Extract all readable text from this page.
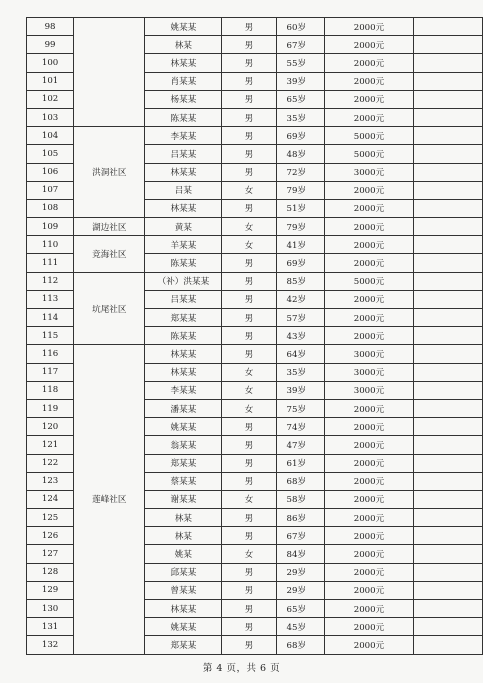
98		姚某某	男	60岁	2000元	
99		林某	男	67岁	2000元	
100		林某某	男	55岁	2000元	
101		肖某某	男	39岁	2000元	
102		杨某某	男	65岁	2000元	
103		陈某某	男	35岁	2000元	
104	洪洞社区	李某某	男	69岁	5000元	
105		吕某某	男	48岁	5000元	
106		林某某	男	72岁	3000元	
107		吕某	女	79岁	2000元	
108		林某某	男	51岁	2000元	
109	湖边社区	黄某	女	79岁	2000元	
110	竞海社区	羊某某	女	41岁	2000元	
111		陈某某	男	69岁	2000元	
112	坑尾社区	（补）洪某某	男	85岁	5000元	
113		吕某某	男	42岁	2000元	
114		郑某某	男	57岁	2000元	
115		陈某某	男	43岁	2000元	
116	莲峰社区	林某某	男	64岁	3000元	
117		林某某	女	35岁	3000元	
118		李某某	女	39岁	3000元	
119		潘某某	女	75岁	2000元	
120		姚某某	男	74岁	2000元	
121		翁某某	男	47岁	2000元	
122		郑某某	男	61岁	2000元	
123		蔡某某	男	68岁	2000元	
124		谢某某	女	58岁	2000元	
125		林某	男	86岁	2000元	
126		林某	男	67岁	2000元	
127		姚某	女	84岁	2000元	
128		邱某某	男	29岁	2000元	
129		曾某某	男	29岁	2000元	
130		林某某	男	65岁	2000元	
131		姚某某	男	45岁	2000元	
132		郑某某	男	68岁	2000元	
第 4 页，共 6 页
